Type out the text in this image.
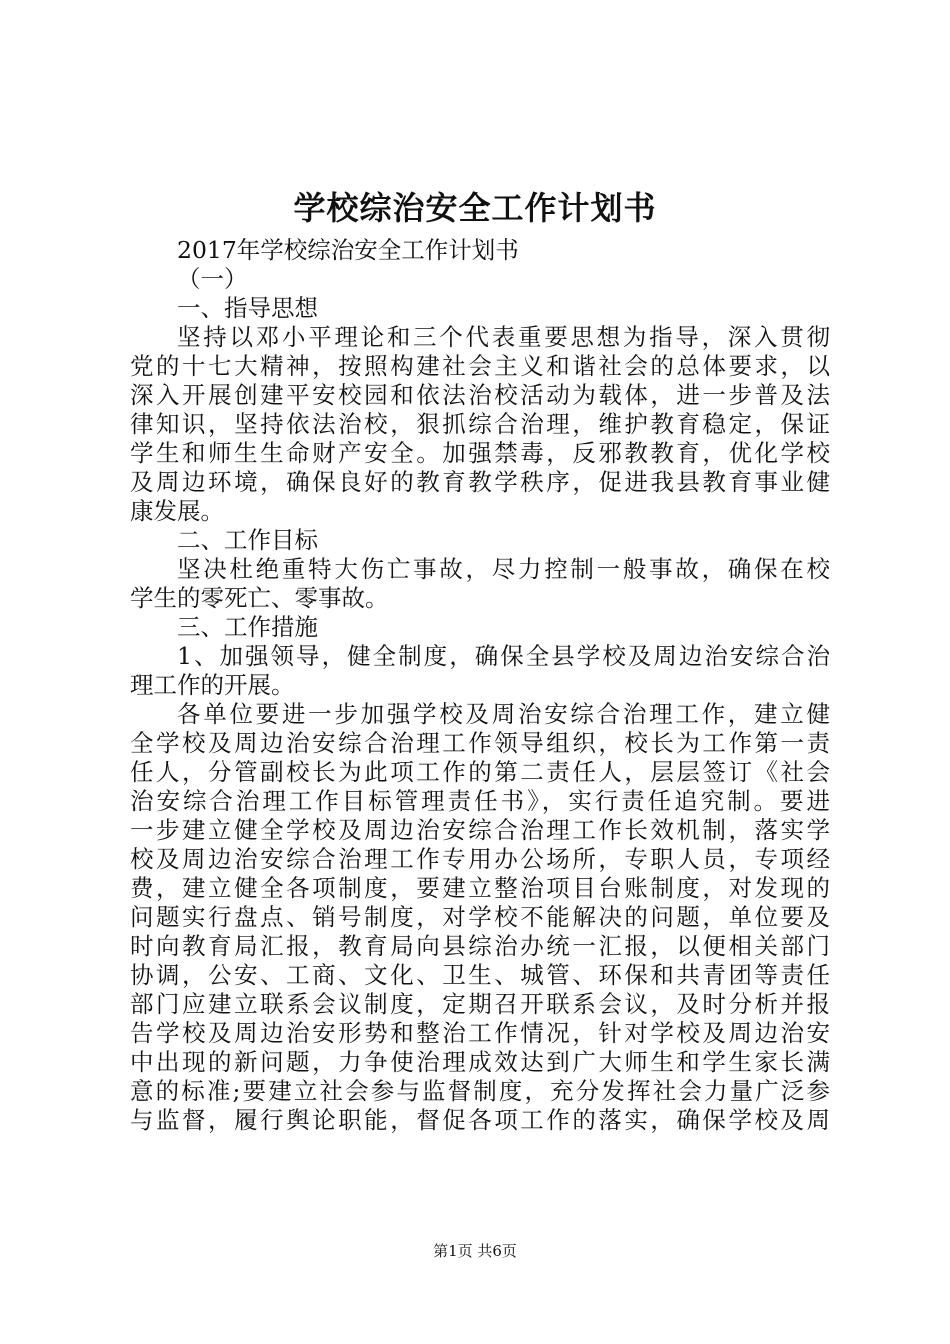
学校综治安全工作计划书
2017年学校综治安全工作计划书
（一）
一、指导思想
坚持以邓小平理论和三个代表重要思想为指导，深入贯彻
党的十七大精神，按照构建社会主义和谐社会的总体要求，以
深入开展创建平安校园和依法治校活动为载体，进一步普及法
律知识，坚持依法治校，狠抓综合治理，维护教育稳定，保证
学生和师生生命财产安全。加强禁毒，反邪教教育，优化学校
及周边环境，确保良好的教育教学秩序，促进我县教育事业健
康发展。
二、工作目标
坚决杜绝重特大伤亡事故，尽力控制一般事故，确保在校
学生的零死亡、零事故。
三、工作措施
1、加强领导，健全制度，确保全县学校及周边治安综合治
理工作的开展。
各单位要进一步加强学校及周治安综合治理工作，建立健
全学校及周边治安综合治理工作领导组织，校长为工作第一责
任人，分管副校长为此项工作的第二责任人，层层签订《社会
治安综合治理工作目标管理责任书》，实行责任追究制。要进
一步建立健全学校及周边治安综合治理工作长效机制，落实学
校及周边治安综合治理工作专用办公场所，专职人员，专项经
费，建立健全各项制度，要建立整治项目台账制度，对发现的
问题实行盘点、销号制度，对学校不能解决的问题，单位要及
时向教育局汇报，教育局向县综治办统一汇报，以便相关部门
协调，公安、工商、文化、卫生、城管、环保和共青团等责任
部门应建立联系会议制度，定期召开联系会议，及时分析并报
告学校及周边治安形势和整治工作情况，针对学校及周边治安
中出现的新问题，力争使治理成效达到广大师生和学生家长满
意的标准;要建立社会参与监督制度，充分发挥社会力量广泛参
与监督，履行舆论职能，督促各项工作的落实，确保学校及周
第1页 共6页
